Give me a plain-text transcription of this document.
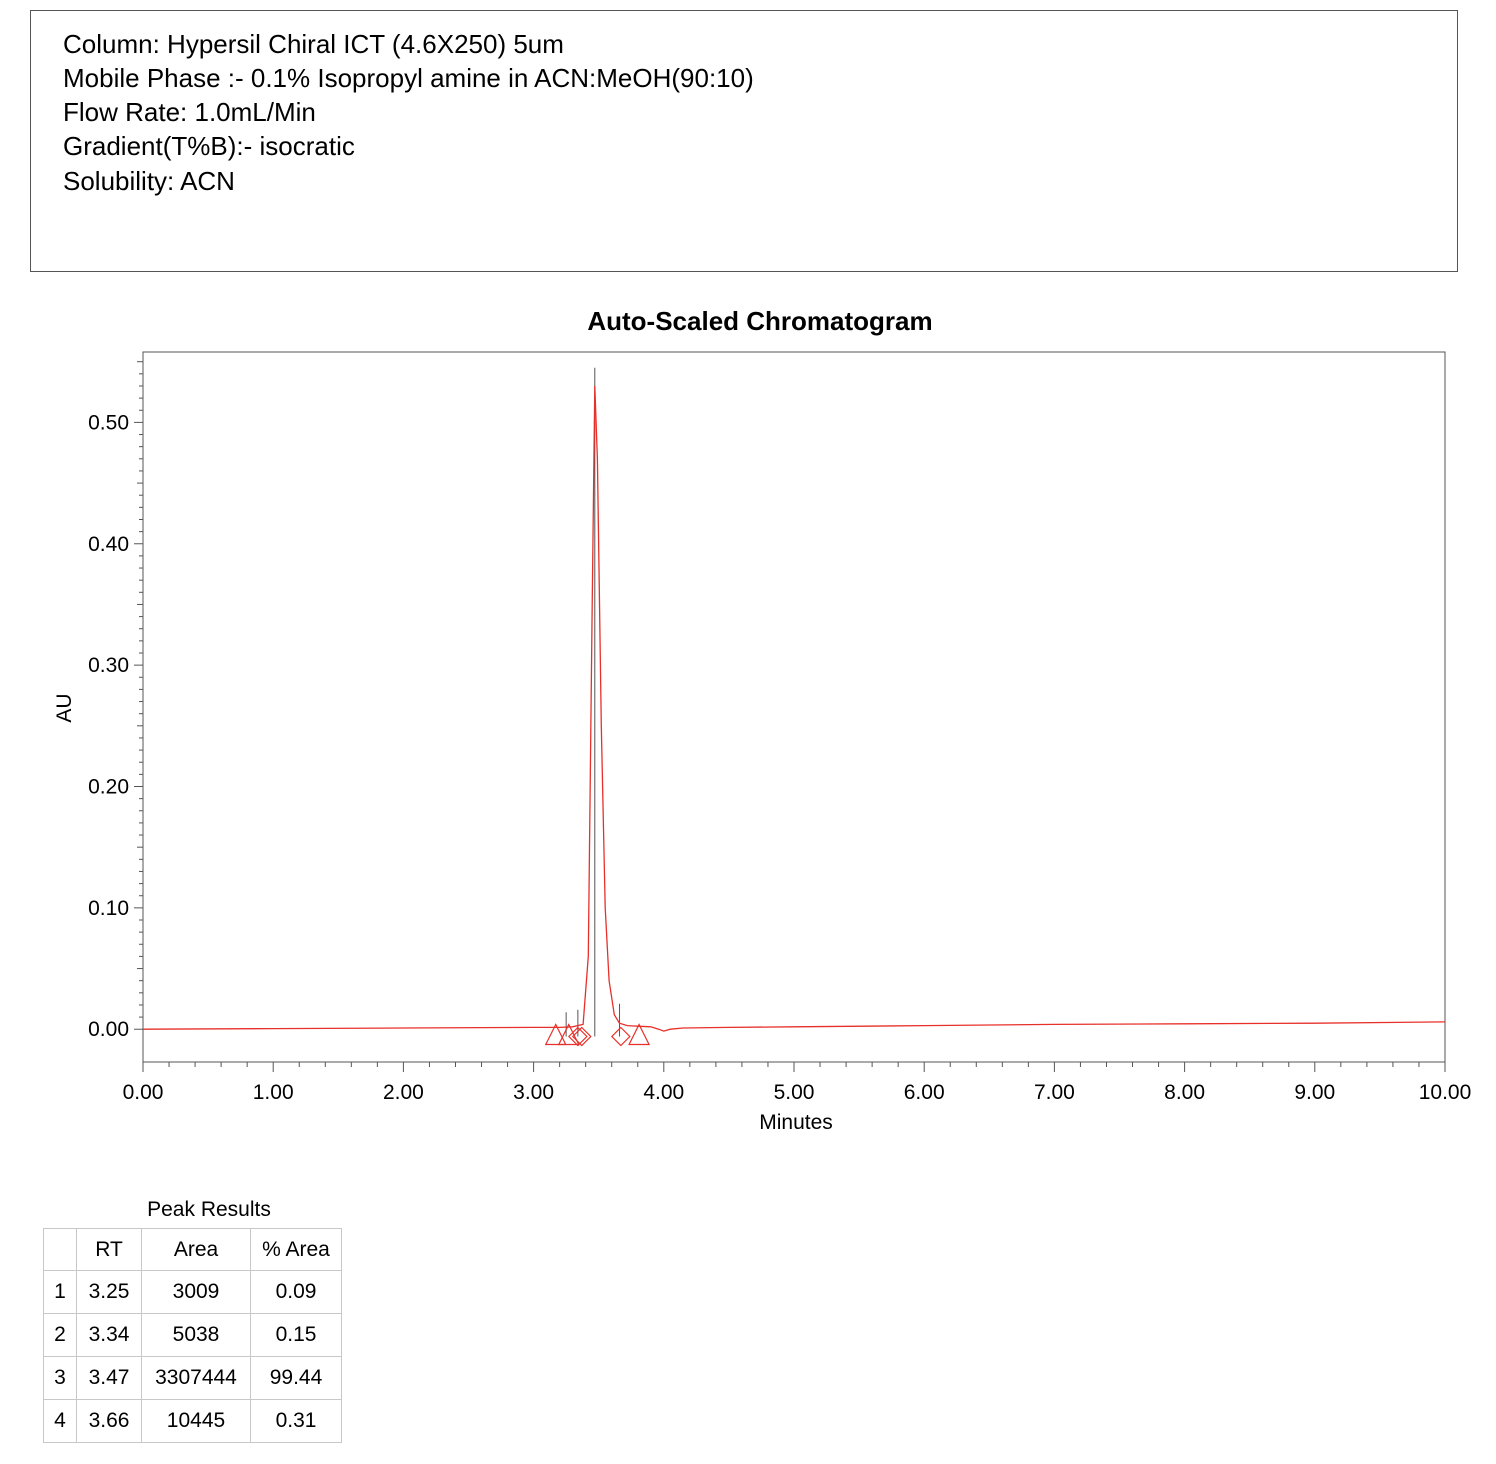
Column: Hypersil Chiral ICT (4.6X250) 5um
Mobile Phase :- 0.1% Isopropyl amine in ACN:MeOH(90:10)
Flow Rate: 1.0mL/Min
Gradient(T%B):- isocratic
Solubility: ACN
Auto-Scaled Chromatogram
0.00
0.10
0.20
0.30
0.40
0.50
0.00	1.00	2.00	3.00	4.00	5.00	6.00	7.00	8.00	9.00	10.00
Minutes
AU
Peak Results
	RT	Area	% Area
1	3.25	3009	0.09
2	3.34	5038	0.15
3	3.47	3307444	99.44
4	3.66	10445	0.31
